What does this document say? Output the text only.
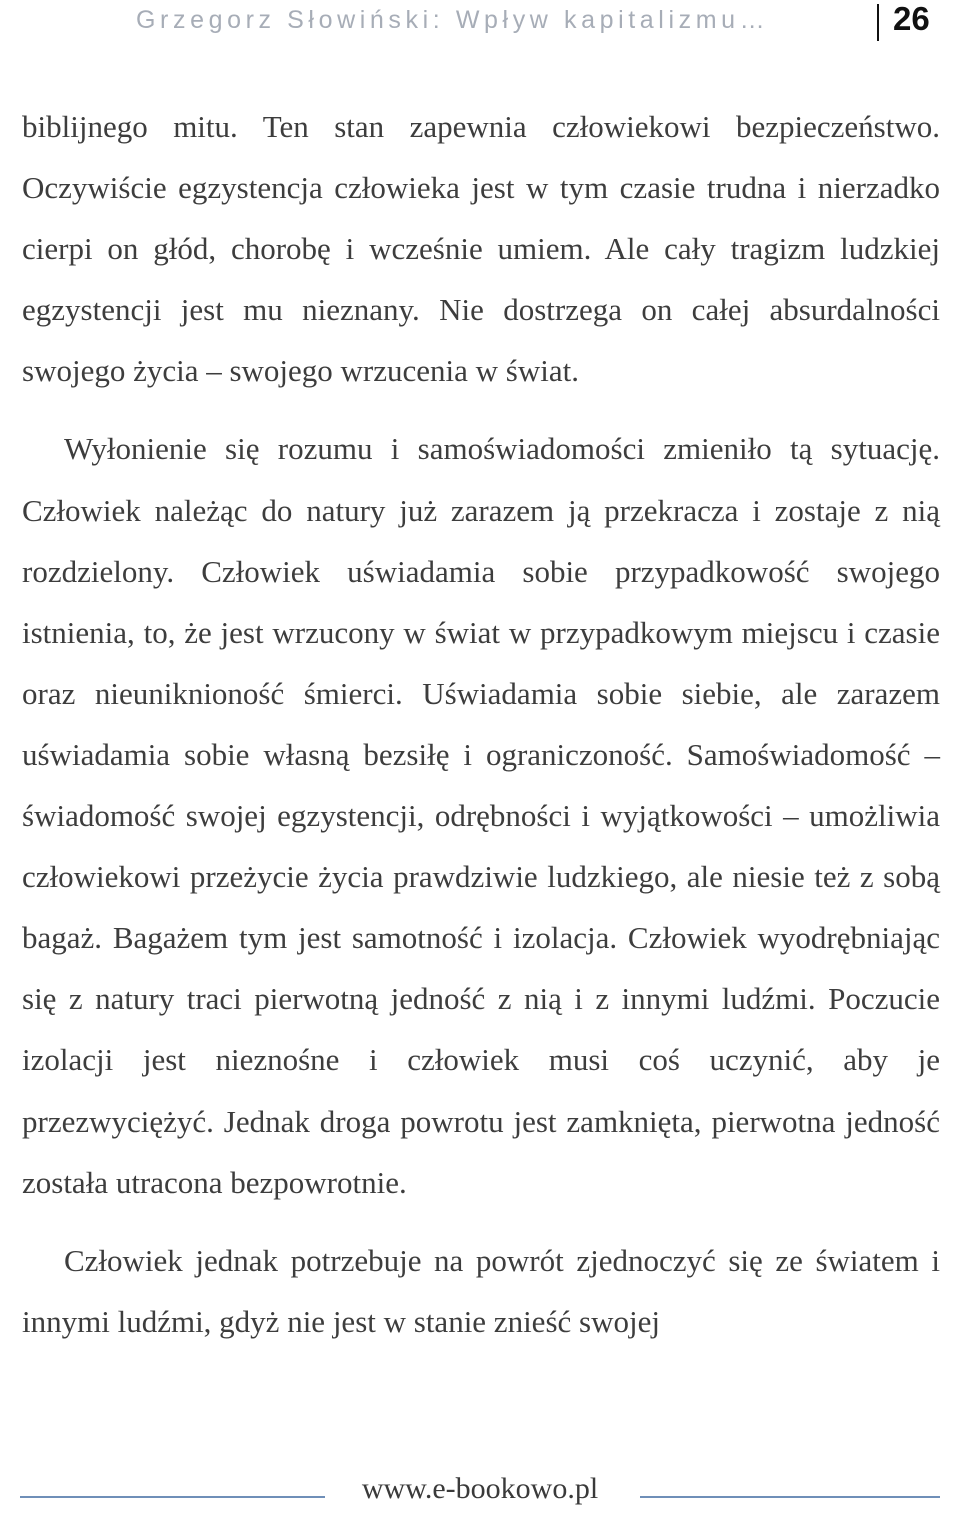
Grzegorz Słowiński: Wpływ kapitalizmu…	26

biblijnego mitu. Ten stan zapewnia człowiekowi bezpieczeństwo. Oczywiście egzystencja człowieka jest w tym czasie trudna i nierzadko cierpi on głód, chorobę i wcześnie umiem. Ale cały tragizm ludzkiej egzystencji jest mu nieznany. Nie dostrzega on całej absurdalności swojego życia – swojego wrzucenia w świat.

Wyłonienie się rozumu i samoświadomości zmieniło tą sytuację. Człowiek należąc do natury już zarazem ją przekracza i zostaje z nią rozdzielony. Człowiek uświadamia sobie przypadkowość swojego istnienia, to, że jest wrzucony w świat w przypadkowym miejscu i czasie oraz nieuniknioność śmierci. Uświadamia sobie siebie, ale zarazem uświadamia sobie własną bezsiłę i ograniczoność. Samoświadomość – świadomość swojej egzystencji, odrębności i wyjątkowości – umożliwia człowiekowi przeżycie życia prawdziwie ludzkiego, ale niesie też z sobą bagaż. Bagażem tym jest samotność i izolacja. Człowiek wyodrębniając się z natury traci pierwotną jedność z nią i z innymi ludźmi. Poczucie izolacji jest nieznośne i człowiek musi coś uczynić, aby je przezwyciężyć. Jednak droga powrotu jest zamknięta, pierwotna jedność została utracona bezpowrotnie.

Człowiek jednak potrzebuje na powrót zjednoczyć się ze światem i innymi ludźmi, gdyż nie jest w stanie znieść swojej

www.e-bookowo.pl
